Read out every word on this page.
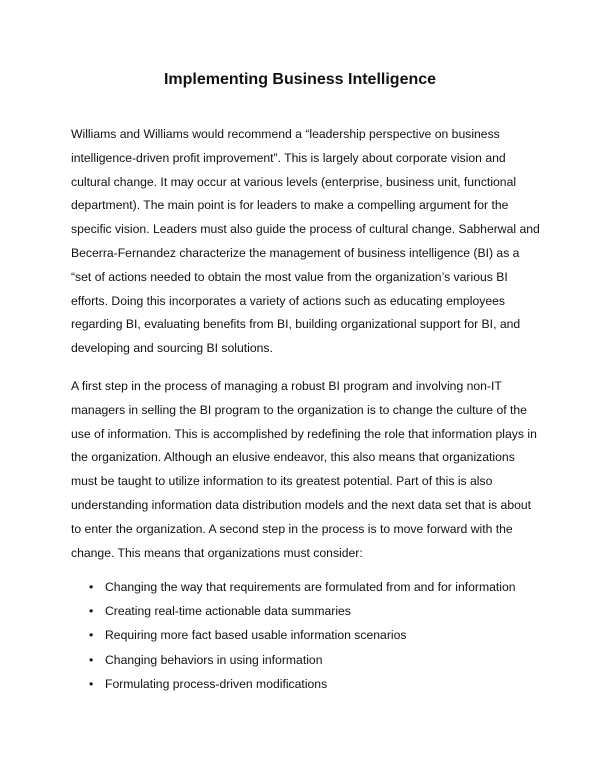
Implementing Business Intelligence

Williams and Williams would recommend a “leadership perspective on business intelligence-driven profit improvement”. This is largely about corporate vision and cultural change. It may occur at various levels (enterprise, business unit, functional department). The main point is for leaders to make a compelling argument for the specific vision. Leaders must also guide the process of cultural change. Sabherwal and Becerra-Fernandez characterize the management of business intelligence (BI) as a “set of actions needed to obtain the most value from the organization’s various BI efforts. Doing this incorporates a variety of actions such as educating employees regarding BI, evaluating benefits from BI, building organizational support for BI, and developing and sourcing BI solutions.

A first step in the process of managing a robust BI program and involving non-IT managers in selling the BI program to the organization is to change the culture of the use of information. This is accomplished by redefining the role that information plays in the organization. Although an elusive endeavor, this also means that organizations must be taught to utilize information to its greatest potential. Part of this is also understanding information data distribution models and the next data set that is about to enter the organization. A second step in the process is to move forward with the change. This means that organizations must consider:

• Changing the way that requirements are formulated from and for information
• Creating real-time actionable data summaries
• Requiring more fact based usable information scenarios
• Changing behaviors in using information
• Formulating process-driven modifications
